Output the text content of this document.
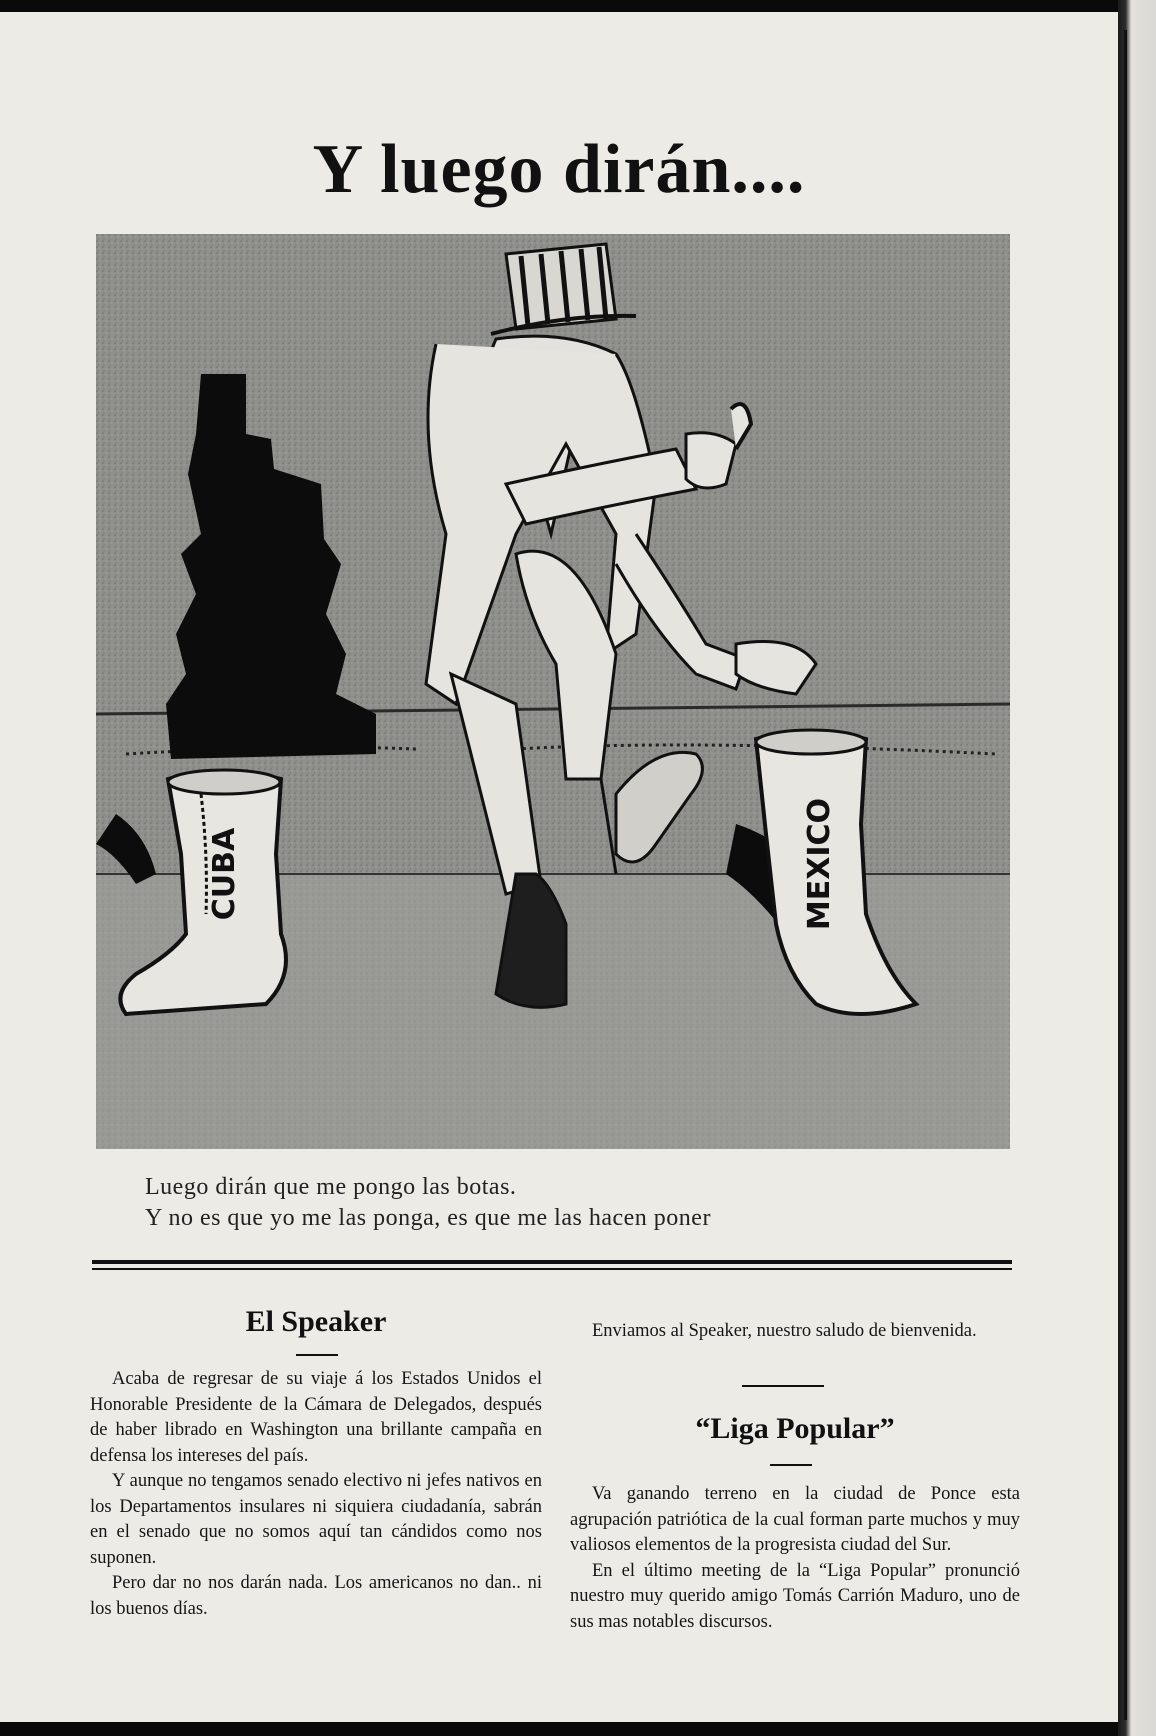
Y luego dirán....
CUBA	MEXICO
Luego dirán que me pongo las botas.
Y no es que yo me las ponga, es que me las hacen poner
El Speaker

Acaba de regresar de su viaje á los Estados Unidos el Honorable Presidente de la Cámara de Delegados, después de haber librado en Washington una brillante campaña en defensa los intereses del país.

Y aunque no tengamos senado electivo ni jefes nativos en los Departamentos insulares ni siquiera ciudadanía, sabrán en el senado que no somos aquí tan cándidos como nos suponen.

Pero dar no nos darán nada. Los americanos no dan.. ni los buenos días.

Enviamos al Speaker, nuestro saludo de bienvenida.

“Liga Popular”

Va ganando terreno en la ciudad de Ponce esta agrupación patriótica de la cual forman parte muchos y muy valiosos elementos de la progresista ciudad del Sur.

En el último meeting de la “Liga Popular” pronunció nuestro muy querido amigo Tomás Carrión Maduro, uno de sus mas notables discursos.
